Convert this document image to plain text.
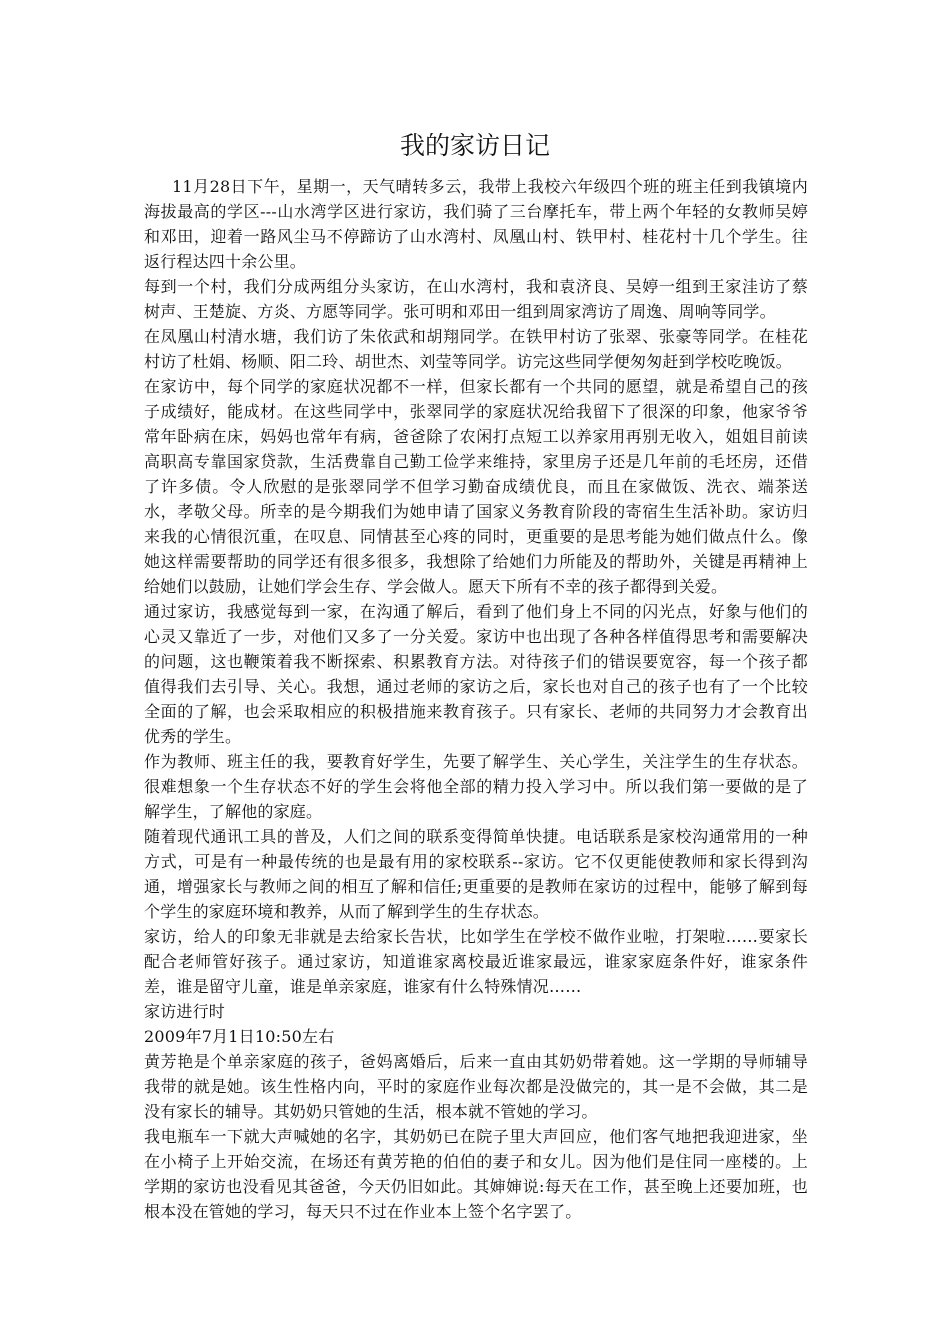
我的家访日记

11月28日下午，星期一，天气晴转多云，我带上我校六年级四个班的班主任到我镇境内海拔最高的学区---山水湾学区进行家访，我们骑了三台摩托车，带上两个年轻的女教师吴婷和邓田，迎着一路风尘马不停蹄访了山水湾村、凤凰山村、铁甲村、桂花村十几个学生。往返行程达四十余公里。

每到一个村，我们分成两组分头家访，在山水湾村，我和袁济良、吴婷一组到王家洼访了蔡树声、王楚旋、方炎、方愿等同学。张可明和邓田一组到周家湾访了周逸、周响等同学。

在凤凰山村清水塘，我们访了朱依武和胡翔同学。在铁甲村访了张翠、张豪等同学。在桂花村访了杜娟、杨顺、阳二玲、胡世杰、刘莹等同学。访完这些同学便匆匆赶到学校吃晚饭。

在家访中，每个同学的家庭状况都不一样，但家长都有一个共同的愿望，就是希望自己的孩子成绩好，能成材。在这些同学中，张翠同学的家庭状况给我留下了很深的印象，他家爷爷常年卧病在床，妈妈也常年有病，爸爸除了农闲打点短工以养家用再别无收入，姐姐目前读高职高专靠国家贷款，生活费靠自己勤工俭学来维持，家里房子还是几年前的毛坯房，还借了许多债。令人欣慰的是张翠同学不但学习勤奋成绩优良，而且在家做饭、洗衣、端茶送水，孝敬父母。所幸的是今期我们为她申请了国家义务教育阶段的寄宿生生活补助。家访归来我的心情很沉重，在叹息、同情甚至心疼的同时，更重要的是思考能为她们做点什么。像她这样需要帮助的同学还有很多很多，我想除了给她们力所能及的帮助外，关键是再精神上给她们以鼓励，让她们学会生存、学会做人。愿天下所有不幸的孩子都得到关爱。

通过家访，我感觉每到一家，在沟通了解后，看到了他们身上不同的闪光点，好象与他们的心灵又靠近了一步，对他们又多了一分关爱。家访中也出现了各种各样值得思考和需要解决的问题，这也鞭策着我不断探索、积累教育方法。对待孩子们的错误要宽容，每一个孩子都值得我们去引导、关心。我想，通过老师的家访之后，家长也对自己的孩子也有了一个比较全面的了解，也会采取相应的积极措施来教育孩子。只有家长、老师的共同努力才会教育出优秀的学生。

作为教师、班主任的我，要教育好学生，先要了解学生、关心学生，关注学生的生存状态。很难想象一个生存状态不好的学生会将他全部的精力投入学习中。所以我们第一要做的是了解学生，了解他的家庭。

随着现代通讯工具的普及，人们之间的联系变得简单快捷。电话联系是家校沟通常用的一种方式，可是有一种最传统的也是最有用的家校联系--家访。它不仅更能使教师和家长得到沟通，增强家长与教师之间的相互了解和信任;更重要的是教师在家访的过程中，能够了解到每个学生的家庭环境和教养，从而了解到学生的生存状态。

家访，给人的印象无非就是去给家长告状，比如学生在学校不做作业啦，打架啦……要家长配合老师管好孩子。通过家访，知道谁家离校最近谁家最远，谁家家庭条件好，谁家条件差，谁是留守儿童，谁是单亲家庭，谁家有什么特殊情况……

家访进行时

2009年7月1日10:50左右

黄芳艳是个单亲家庭的孩子，爸妈离婚后，后来一直由其奶奶带着她。这一学期的导师辅导我带的就是她。该生性格内向，平时的家庭作业每次都是没做完的，其一是不会做，其二是没有家长的辅导。其奶奶只管她的生活，根本就不管她的学习。

我电瓶车一下就大声喊她的名字，其奶奶已在院子里大声回应，他们客气地把我迎进家，坐在小椅子上开始交流，在场还有黄芳艳的伯伯的妻子和女儿。因为他们是住同一座楼的。上学期的家访也没看见其爸爸，今天仍旧如此。其婶婶说:每天在工作，甚至晚上还要加班，也根本没在管她的学习，每天只不过在作业本上签个名字罢了。
